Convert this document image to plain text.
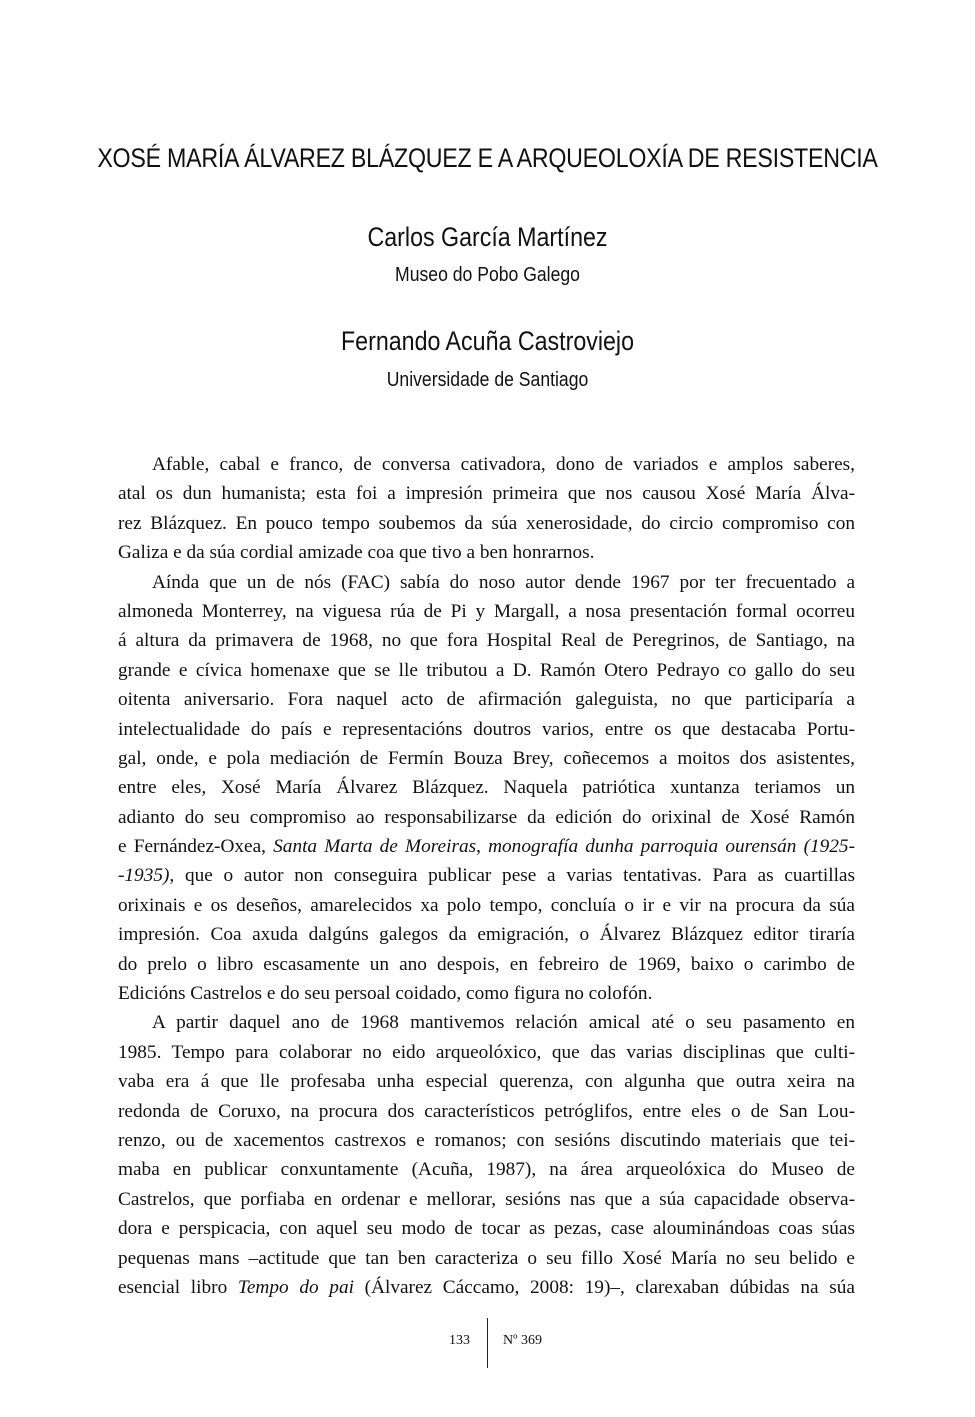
XOSÉ MARÍA ÁLVAREZ BLÁZQUEZ E A ARQUEOLOXÍA DE RESISTENCIA
Carlos García Martínez
Museo do Pobo Galego
Fernando Acuña Castroviejo
Universidade de Santiago
Afable, cabal e franco, de conversa cativadora, dono de variados e amplos saberes,
atal os dun humanista; esta foi a impresión primeira que nos causou Xosé María Álva-
rez Blázquez. En pouco tempo soubemos da súa xenerosidade, do circio compromiso con
Galiza e da súa cordial amizade coa que tivo a ben honrarnos.
Aínda que un de nós (FAC) sabía do noso autor dende 1967 por ter frecuentado a
almoneda Monterrey, na viguesa rúa de Pi y Margall, a nosa presentación formal ocorreu
á altura da primavera de 1968, no que fora Hospital Real de Peregrinos, de Santiago, na
grande e cívica homenaxe que se lle tributou a D. Ramón Otero Pedrayo co gallo do seu
oitenta aniversario. Fora naquel acto de afirmación galeguista, no que participaría a
intelectualidade do país e representacións doutros varios, entre os que destacaba Portu-
gal, onde, e pola mediación de Fermín Bouza Brey, coñecemos a moitos dos asistentes,
entre eles, Xosé María Álvarez Blázquez. Naquela patriótica xuntanza teriamos un
adianto do seu compromiso ao responsabilizarse da edición do orixinal de Xosé Ramón
e Fernández-Oxea, Santa Marta de Moreiras, monografía dunha parroquia ourensán (1925-
-1935), que o autor non conseguira publicar pese a varias tentativas. Para as cuartillas
orixinais e os deseños, amarelecidos xa polo tempo, concluía o ir e vir na procura da súa
impresión. Coa axuda dalgúns galegos da emigración, o Álvarez Blázquez editor tiraría
do prelo o libro escasamente un ano despois, en febreiro de 1969, baixo o carimbo de
Edicións Castrelos e do seu persoal coidado, como figura no colofón.
A partir daquel ano de 1968 mantivemos relación amical até o seu pasamento en
1985. Tempo para colaborar no eido arqueolóxico, que das varias disciplinas que culti-
vaba era á que lle profesaba unha especial querenza, con algunha que outra xeira na
redonda de Coruxo, na procura dos característicos petróglifos, entre eles o de San Lou-
renzo, ou de xacementos castrexos e romanos; con sesións discutindo materiais que tei-
maba en publicar conxuntamente (Acuña, 1987), na área arqueolóxica do Museo de
Castrelos, que porfiaba en ordenar e mellorar, sesións nas que a súa capacidade observa-
dora e perspicacia, con aquel seu modo de tocar as pezas, case alouminándoas coas súas
pequenas mans –actitude que tan ben caracteriza o seu fillo Xosé María no seu belido e
esencial libro Tempo do pai (Álvarez Cáccamo, 2008: 19)–, clarexaban dúbidas na súa
133 Nº 369
